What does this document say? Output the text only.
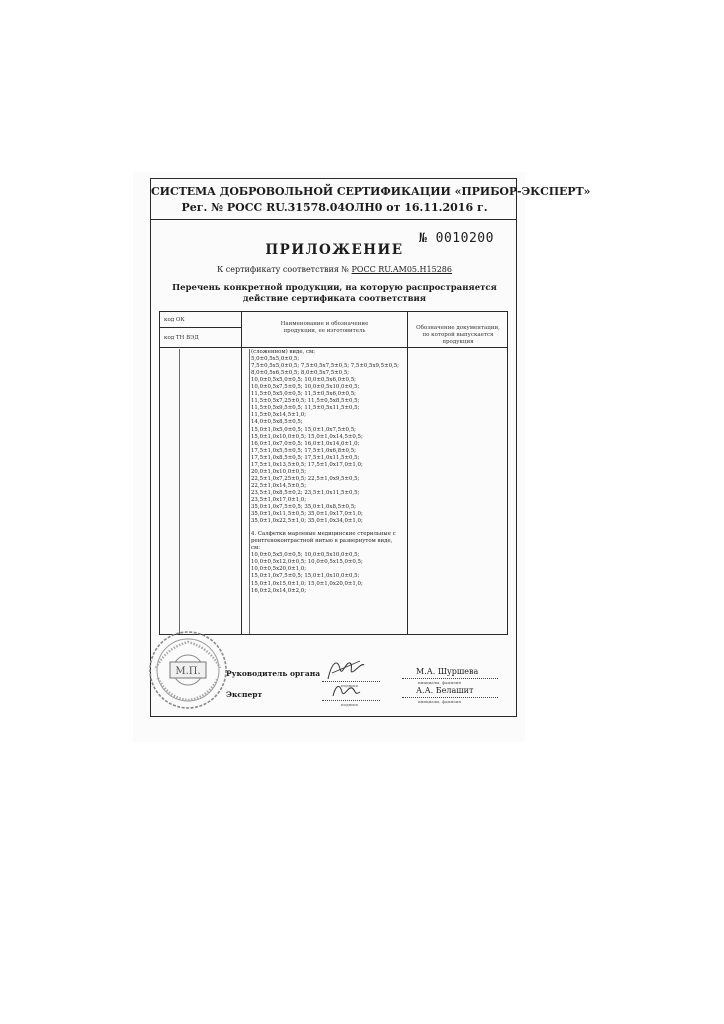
СИСТЕМА ДОБРОВОЛЬНОЙ СЕРТИФИКАЦИИ «ПРИБОР-ЭКСПЕРТ»
Рег. № РОСС RU.31578.04ОЛН0 от 16.11.2016 г.
№ 0010200
ПРИЛОЖЕНИЕ
К сертификату соответствия № РОСС RU.AM05.H15286
Перечень конкретной продукции, на которую распространяется
действие сертификата соответствия
код ОК
код ТН ВЭД
Наименование и обозначение
продукции, ее изготовитель	Обозначение документации,
по которой выпускается продукция
(сложенном) виде, см:
5,0±0,5х5,0±0,5;
7,5±0,5х5,0±0,5; 7,5±0,5х7,5±0,5; 7,5±0,5х9,5±0,5;
8,0±0,5х6,5±0,5; 8,0±0,5х7,5±0,5;
10,0±0,5х5,0±0,5; 10,0±0,5х6,0±0,5;
10,0±0,5х7,5±0,5; 10,0±0,5х10,0±0,5;
11,5±0,5х5,0±0,5; 11,5±0,5х6,0±0,5;
11,5±0,5х7,25±0,5; 11,5±0,5х8,5±0,5;
11,5±0,5х9,5±0,5; 11,5±0,5х11,5±0,5;
11,5±0,5х14,5±1,0;
14,0±0,5х8,5±0,5;
15,0±1,0х5,0±0,5; 15,0±1,0х7,5±0,5;
15,0±1,0х10,0±0,5; 15,0±1,0х14,5±0,5;
16,0±1,0х7,0±0,5; 16,0±1,0х14,0±1,0;
17,5±1,0х5,5±0,5; 17,5±1,0х6,8±0,5;
17,5±1,0х8,5±0,5; 17,5±1,0х11,5±0,5;
17,5±1,0х13,5±0,5; 17,5±1,0х17,0±1,0;
20,0±1,0х10,0±0,5;
22,5±1,0х7,25±0,5; 22,5±1,0х9,5±0,5;
22,5±1,0х14,5±0,5;
23,5±1,0х8,5±0,2; 23,5±1,0х11,5±0,5;
23,5±1,0х17,0±1,0;
35,0±1,0х7,5±0,5; 35,0±1,0х8,5±0,5;
35,0±1,0х11,5±0,5; 35,0±1,0х17,0±1,0;
35,0±1,0х22,5±1,0; 35,0±1,0х34,0±1,0;
4. Салфетки марлевые медицинские стерильные с
рентгеноконтрастной нитью в развернутом виде,
см:
10,0±0,5х5,0±0,5; 10,0±0,5х10,0±0,5;
10,0±0,5х12,0±0,5; 10,0±0,5х15,0±0,5;
10,0±0,5х20,0±1,0;
15,0±1,0х7,5±0,5; 15,0±1,0х10,0±0,5;
15,0±1,0х15,0±1,0; 15,0±1,0х20,0±1,0;
16,0±2,0х14,0±2,0;
М.П.	Руководитель органа
подпись
М.А. Шуршева
инициалы, фамилия
Эксперт
подпись
А.А. Белашит
инициалы, фамилия
